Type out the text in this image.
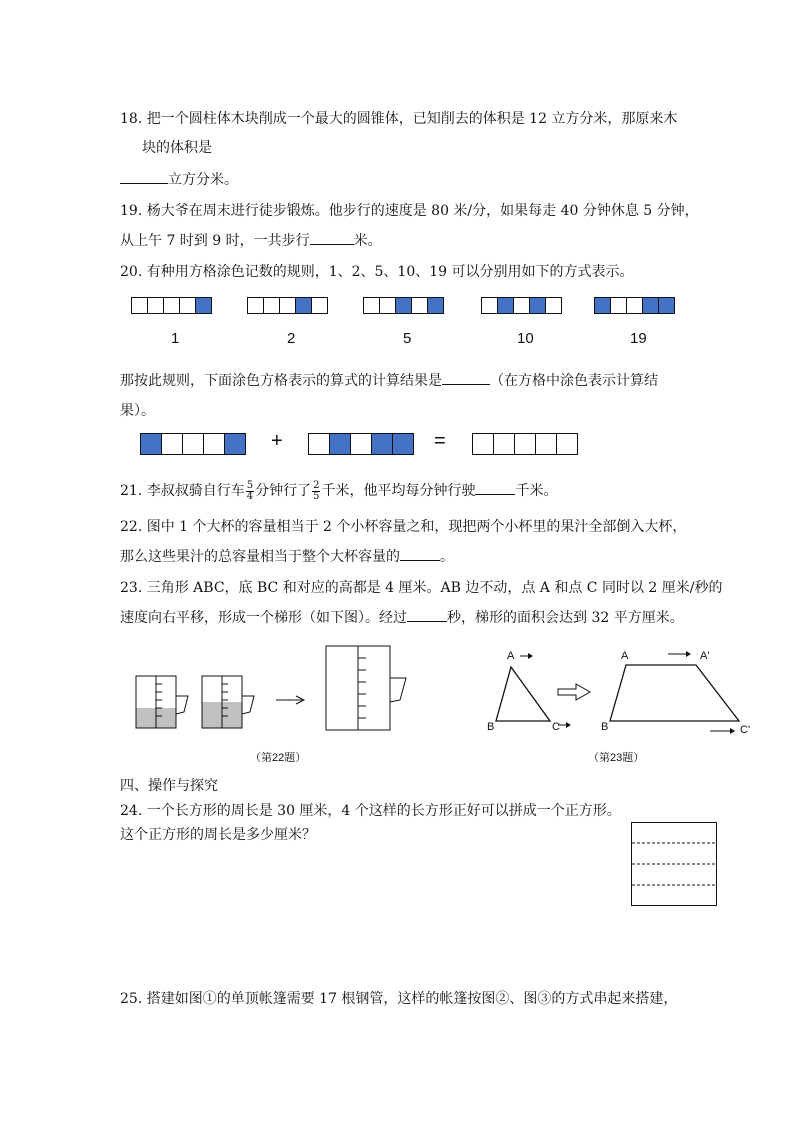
18. 把一个圆柱体木块削成一个最大的圆锥体，已知削去的体积是 12 立方分米，那原来木
块的体积是
立方分米。
19. 杨大爷在周末进行徒步锻炼。他步行的速度是 80 米/分，如果每走 40 分钟休息 5 分钟，
从上午 7 时到 9 时，一共步行	米。
20. 有种用方格涂色记数的规则，1、2、5、10、19 可以分别用如下的方式表示。
1	2	5	10	19
那按此规则，下面涂色方格表示的算式的计算结果是	（在方格中涂色表示计算结
果）。
+	=
21. 李叔叔骑自行车 $\frac{5}{4}$ 分钟行了 $\frac{2}{5}$ 千米，他平均每分钟行驶	千米。
22. 图中 1 个大杯的容量相当于 2 个小杯容量之和，现把两个小杯里的果汁全部倒入大杯，
那么这些果汁的总容量相当于整个大杯容量的	。
23. 三角形 ABC，底 BC 和对应的高都是 4 厘米。AB 边不动，点 A 和点 C 同时以 2 厘米/秒的
速度向右平移，形成一个梯形（如下图）。经过	秒，梯形的面积会达到 32 平方厘米。
（第22题）
A
B	C
A	A'
B	C'
（第23题）
四、操作与探究
24. 一个长方形的周长是 30 厘米，4 个这样的长方形正好可以拼成一个正方形。
这个正方形的周长是多少厘米？
25. 搭建如图①的单顶帐篷需要 17 根钢管，这样的帐篷按图②、图③的方式串起来搭建，
